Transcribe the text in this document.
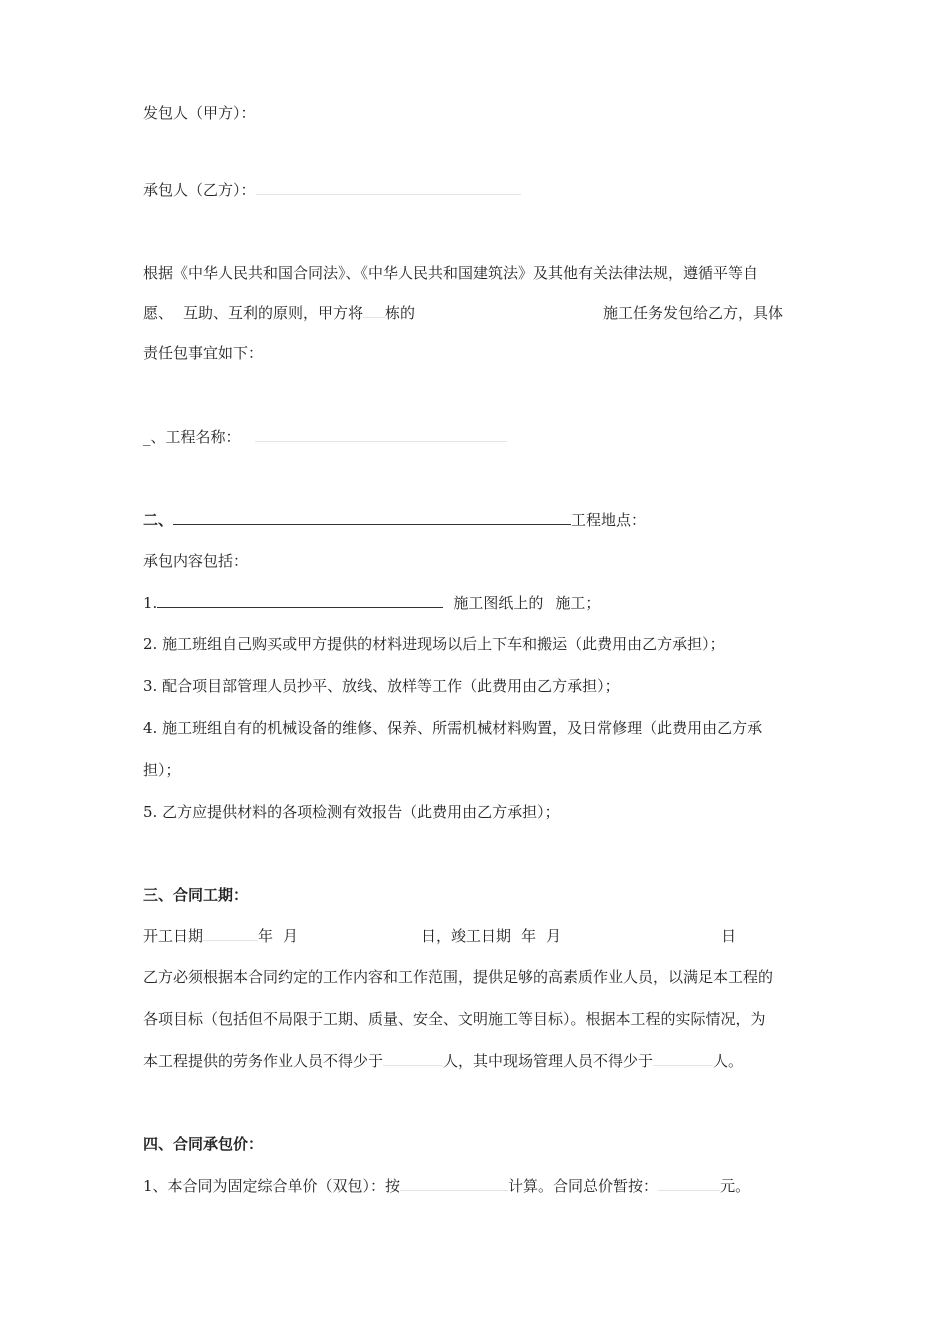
发包人（甲方）：
承包人（乙方）：
根据《中华人民共和国合同法》、《中华人民共和国建筑法》及其他有关法律法规，遵循平等自
愿、 互助、互利的原则，甲方将 栋的	施工任务发包给乙方，具体
责任包事宜如下：
_、工程名称：
二、	工程地点：
承包内容包括：
1.	施工图纸上的 施工；
2. 施工班组自己购买或甲方提供的材料进现场以后上下车和搬运（此费用由乙方承担）；
3. 配合项目部管理人员抄平、放线、放样等工作（此费用由乙方承担）；
4. 施工班组自有的机械设备的维修、保养、所需机械材料购置，及日常修理（此费用由乙方承
担）；
5. 乙方应提供材料的各项检测有效报告（此费用由乙方承担）；
三、合同工期：
开工日期	年 月	日，竣工日期 年 月	日
乙方必须根据本合同约定的工作内容和工作范围，提供足够的高素质作业人员，以满足本工程的
各项目标（包括但不局限于工期、质量、安全、文明施工等目标）。根据本工程的实际情况，为
本工程提供的劳务作业人员不得少于	人，其中现场管理人员不得少于	人。
四、合同承包价：
1、本合同为固定综合单价（双包）：按	计算。合同总价暂按：	元。
